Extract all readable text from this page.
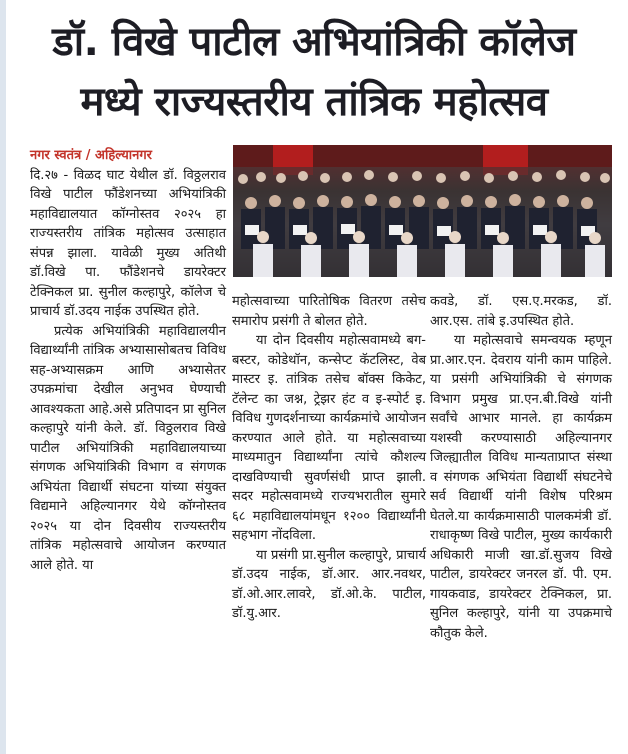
डॉ. विखे पाटील अभियांत्रिकी कॉलेज
मध्ये राज्यस्तरीय तांत्रिक महोत्सव

नगर स्वतंत्र / अहिल्यानगर

दि.२७ - विळद घाट येथील डॉ. विठ्ठलराव विखे पाटील फौंडेशनच्या अभियांत्रिकी महाविद्यालयात कॉग्नोस्तव २०२५ हा राज्यस्तरीय तांत्रिक महोत्सव उत्साहात संपन्न झाला. यावेळी मुख्य अतिथी डॉ.विखे पा. फौंडेशनचे डायरेक्टर टेक्निकल प्रा. सुनील कल्हापुरे, कॉलेज चे प्राचार्य डॉ.उदय नाईक उपस्थित होते.

प्रत्येक अभियांत्रिकी महाविद्यालयीन विद्यार्थ्यांनी तांत्रिक अभ्यासासोबतच विविध सह-अभ्यासक्रम आणि अभ्यासेतर उपक्रमांचा देखील अनुभव घेण्याची आवश्यकता आहे.असे प्रतिपादन प्रा सुनिल कल्हापुरे यांनी केले. डॉ. विठ्ठलराव विखे पाटील अभियांत्रिकी महाविद्यालयाच्या संगणक अभियांत्रिकी विभाग व संगणक अभियंता विद्यार्थी संघटना यांच्या संयुक्त विद्यमाने अहिल्यानगर येथे कॉग्नोस्तव २०२५ या दोन दिवसीय राज्यस्तरीय तांत्रिक महोत्सवाचे आयोजन करण्यात आले होते. या

महोत्सवाच्या पारितोषिक वितरण तसेच समारोप प्रसंगी ते बोलत होते.

या दोन दिवसीय महोत्सवामध्ये बग-बस्टर, कोडेथॉन, कन्सेप्ट कॅटलिस्ट, वेब मास्टर इ. तांत्रिक तसेच बॉक्स किकेट, टॅलेन्ट का जश्न, ट्रेझर हंट व इ-स्पोर्ट इ. विविध गुणदर्शनाच्या कार्यक्रमांचे आयोजन करण्यात आले होते. या महोत्सवाच्या माध्यमातुन विद्यार्थ्यांना त्यांचे कौशल्य दाखविण्याची सुवर्णसंधी प्राप्त झाली. सदर महोत्सवामध्ये राज्यभरातील सुमारे ६८ महाविद्यालयांमधून १२०० विद्यार्थ्यांनी सहभाग नोंदविला.

या प्रसंगी प्रा.सुनील कल्हापुरे, प्राचार्य डॉ.उदय नाईक, डॉ.आर. आर.नवथर, डॉ.ओ.आर.लावरे, डॉ.ओ.के. पाटील, डॉ.यु.आर.

कवडे, डॉ. एस.ए.मरकड, डॉ. आर.एस. तांबे इ.उपस्थित होते.

या महोत्सवाचे समन्वयक म्हणून प्रा.आर.एन. देवराय यांनी काम पाहिले. या प्रसंगी अभियांत्रिकी चे संगणक विभाग प्रमुख प्रा.एन.बी.विखे यांनी सर्वांचे आभार मानले. हा कार्यक्रम यशस्वी करण्यासाठी अहिल्यानगर जिल्ह्यातील विविध मान्यताप्राप्त संस्था व संगणक अभियंता विद्यार्थी संघटनेचे सर्व विद्यार्थी यांनी विशेष परिश्रम घेतले.या कार्यक्रमासाठी पालकमंत्री डॉ. राधाकृष्ण विखे पाटील, मुख्य कार्यकारी अधिकारी माजी खा.डॉ.सुजय विखे पाटील, डायरेक्टर जनरल डॉ. पी. एम. गायकवाड, डायरेक्टर टेक्निकल, प्रा. सुनिल कल्हापुरे, यांनी या उपक्रमाचे कौतुक केले.
